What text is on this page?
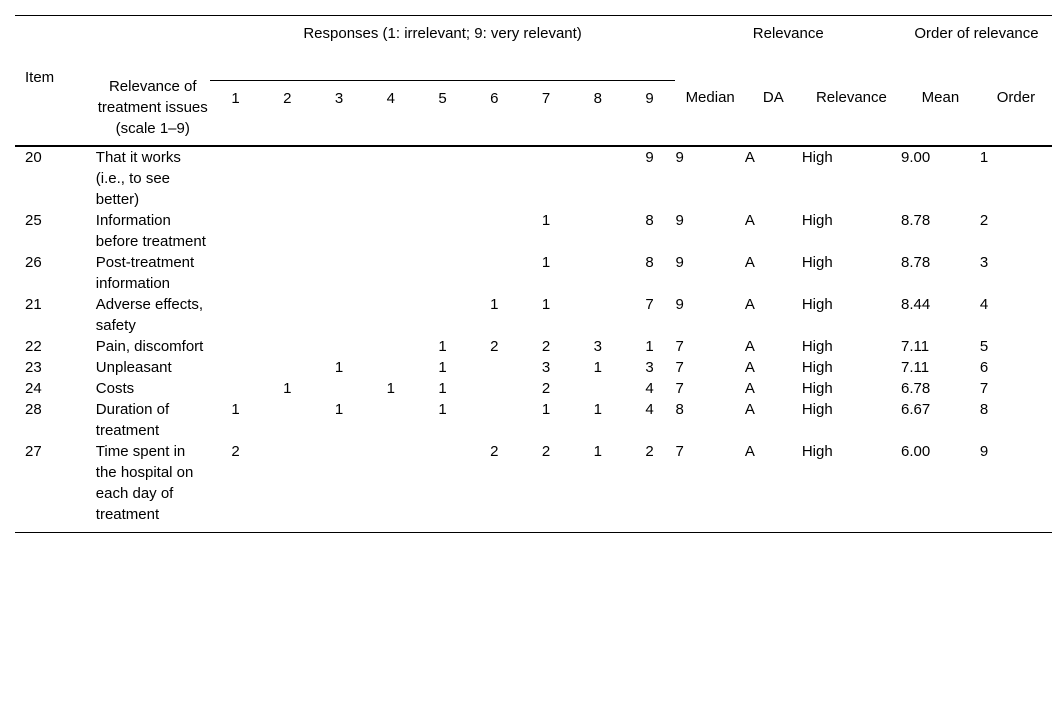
Item	Relevance of treatment issues (scale 1–9)	Responses (1: irrelevant; 9: very relevant)									Relevance			Order of relevance	
		1	2	3	4	5	6	7	8	9	Median	DA	Relevance	Mean	Order
20	That it works (i.e., to see better)									9	9	A	High	9.00	1
25	Information before treatment							1		8	9	A	High	8.78	2
26	Post-treatment information							1		8	9	A	High	8.78	3
21	Adverse effects, safety						1	1		7	9	A	High	8.44	4
22	Pain, discomfort					1	2	2	3	1	7	A	High	7.11	5
23	Unpleasant			1		1		3	1	3	7	A	High	7.11	6
24	Costs		1		1	1		2		4	7	A	High	6.78	7
28	Duration of treatment	1		1		1		1	1	4	8	A	High	6.67	8
27	Time spent in the hospital on each day of treatment	2					2	2	1	2	7	A	High	6.00	9
